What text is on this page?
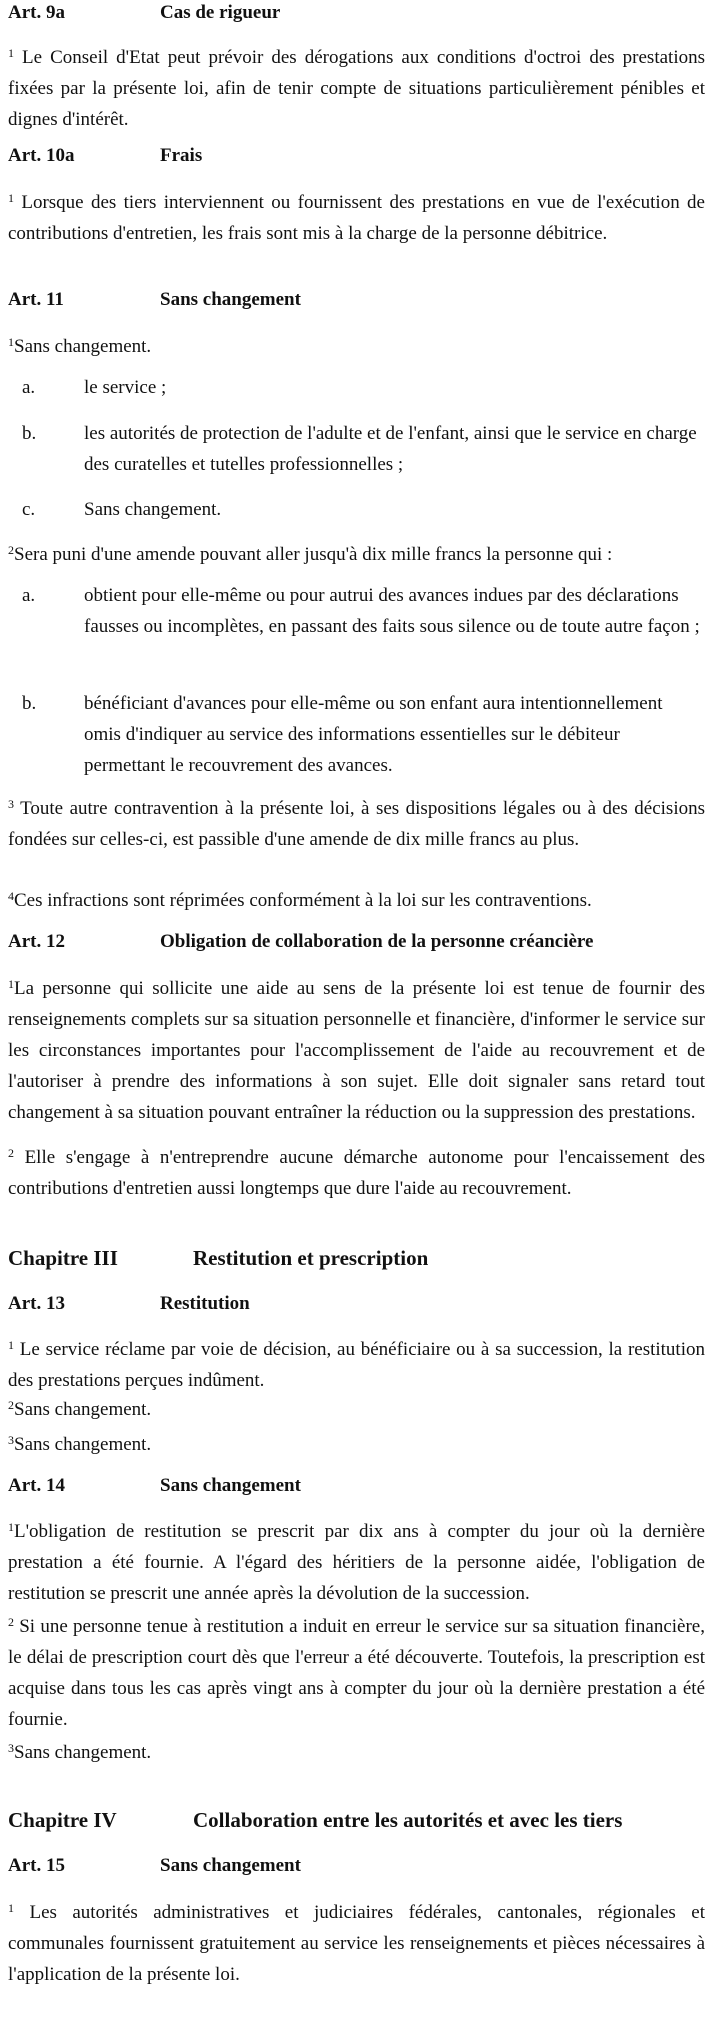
Art. 9a	Cas de rigueur
$^1$ Le Conseil d'Etat peut prévoir des dérogations aux conditions d'octroi des prestations fixées par la présente loi, afin de tenir compte de situations particulièrement pénibles et dignes d'intérêt.
Art. 10a	Frais
$^1$ Lorsque des tiers interviennent ou fournissent des prestations en vue de l'exécution de contributions d'entretien, les frais sont mis à la charge de la personne débitrice.
Art. 11	Sans changement
$^1$Sans changement.
a.	le service ;
b.	les autorités de protection de l'adulte et de l'enfant, ainsi que le service en charge des curatelles et tutelles professionnelles ;
c.	Sans changement.
$^2$Sera puni d'une amende pouvant aller jusqu'à dix mille francs la personne qui :
a.	obtient pour elle-même ou pour autrui des avances indues par des déclarations fausses ou incomplètes, en passant des faits sous silence ou de toute autre façon ;
b.	bénéficiant d'avances pour elle-même ou son enfant aura intentionnellement omis d'indiquer au service des informations essentielles sur le débiteur permettant le recouvrement des avances.
$^3$ Toute autre contravention à la présente loi, à ses dispositions légales ou à des décisions fondées sur celles-ci, est passible d'une amende de dix mille francs au plus.
$^4$Ces infractions sont réprimées conformément à la loi sur les contraventions.
Art. 12	Obligation de collaboration de la personne créancière
$^1$La personne qui sollicite une aide au sens de la présente loi est tenue de fournir des renseignements complets sur sa situation personnelle et financière, d'informer le service sur les circonstances importantes pour l'accomplissement de l'aide au recouvrement et de l'autoriser à prendre des informations à son sujet. Elle doit signaler sans retard tout changement à sa situation pouvant entraîner la réduction ou la suppression des prestations.
$^2$ Elle s'engage à n'entreprendre aucune démarche autonome pour l'encaissement des contributions d'entretien aussi longtemps que dure l'aide au recouvrement.
Chapitre III	Restitution et prescription
Art. 13	Restitution
$^1$ Le service réclame par voie de décision, au bénéficiaire ou à sa succession, la restitution des prestations perçues indûment.
$^2$Sans changement.
$^3$Sans changement.
Art. 14	Sans changement
$^1$L'obligation de restitution se prescrit par dix ans à compter du jour où la dernière prestation a été fournie. A l'égard des héritiers de la personne aidée, l'obligation de restitution se prescrit une année après la dévolution de la succession.
$^2$ Si une personne tenue à restitution a induit en erreur le service sur sa situation financière, le délai de prescription court dès que l'erreur a été découverte. Toutefois, la prescription est acquise dans tous les cas après vingt ans à compter du jour où la dernière prestation a été fournie.
$^3$Sans changement.
Chapitre IV	Collaboration entre les autorités et avec les tiers
Art. 15	Sans changement
$^1$ Les autorités administratives et judiciaires fédérales, cantonales, régionales et communales fournissent gratuitement au service les renseignements et pièces nécessaires à l'application de la présente loi.
